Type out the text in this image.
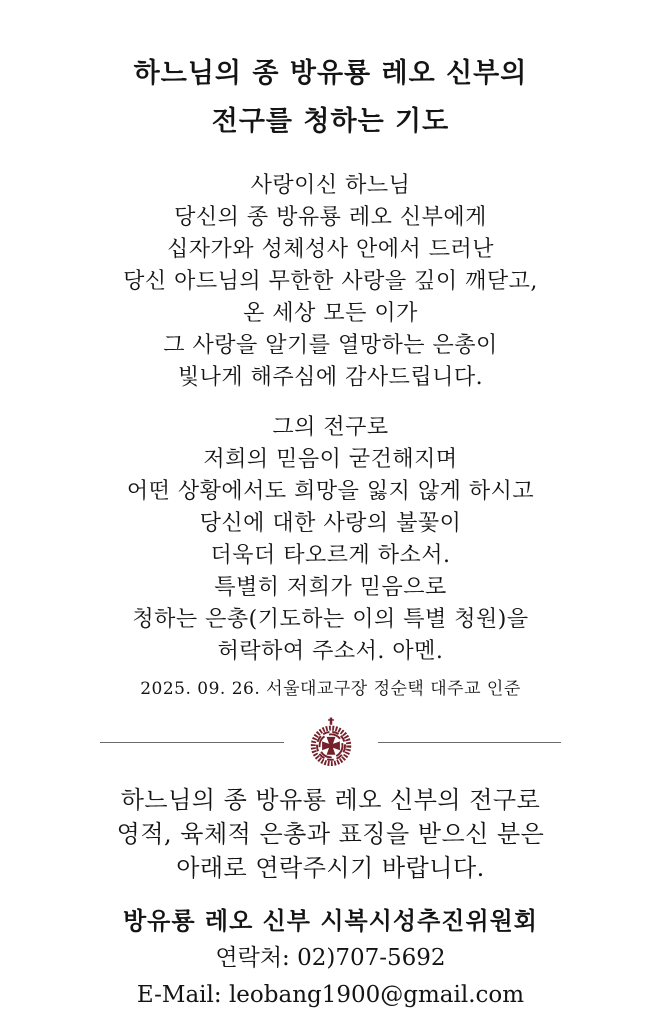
하느님의 종 방유룡 레오 신부의
전구를 청하는 기도
사랑이신 하느님
당신의 종 방유룡 레오 신부에게
십자가와 성체성사 안에서 드러난
당신 아드님의 무한한 사랑을 깊이 깨닫고,
온 세상 모든 이가
그 사랑을 알기를 열망하는 은총이
빛나게 해주심에 감사드립니다.
그의 전구로
저희의 믿음이 굳건해지며
어떤 상황에서도 희망을 잃지 않게 하시고
당신에 대한 사랑의 불꽃이
더욱더 타오르게 하소서.
특별히 저희가 믿음으로
청하는 은총(기도하는 이의 특별 청원)을
허락하여 주소서. 아멘.
2025. 09. 26. 서울대교구장 정순택 대주교 인준
하느님의 종 방유룡 레오 신부의 전구로
영적, 육체적 은총과 표징을 받으신 분은
아래로 연락주시기 바랍니다.
방유룡 레오 신부 시복시성추진위원회
연락처: 02)707-5692
E-Mail: leobang1900@gmail.com
